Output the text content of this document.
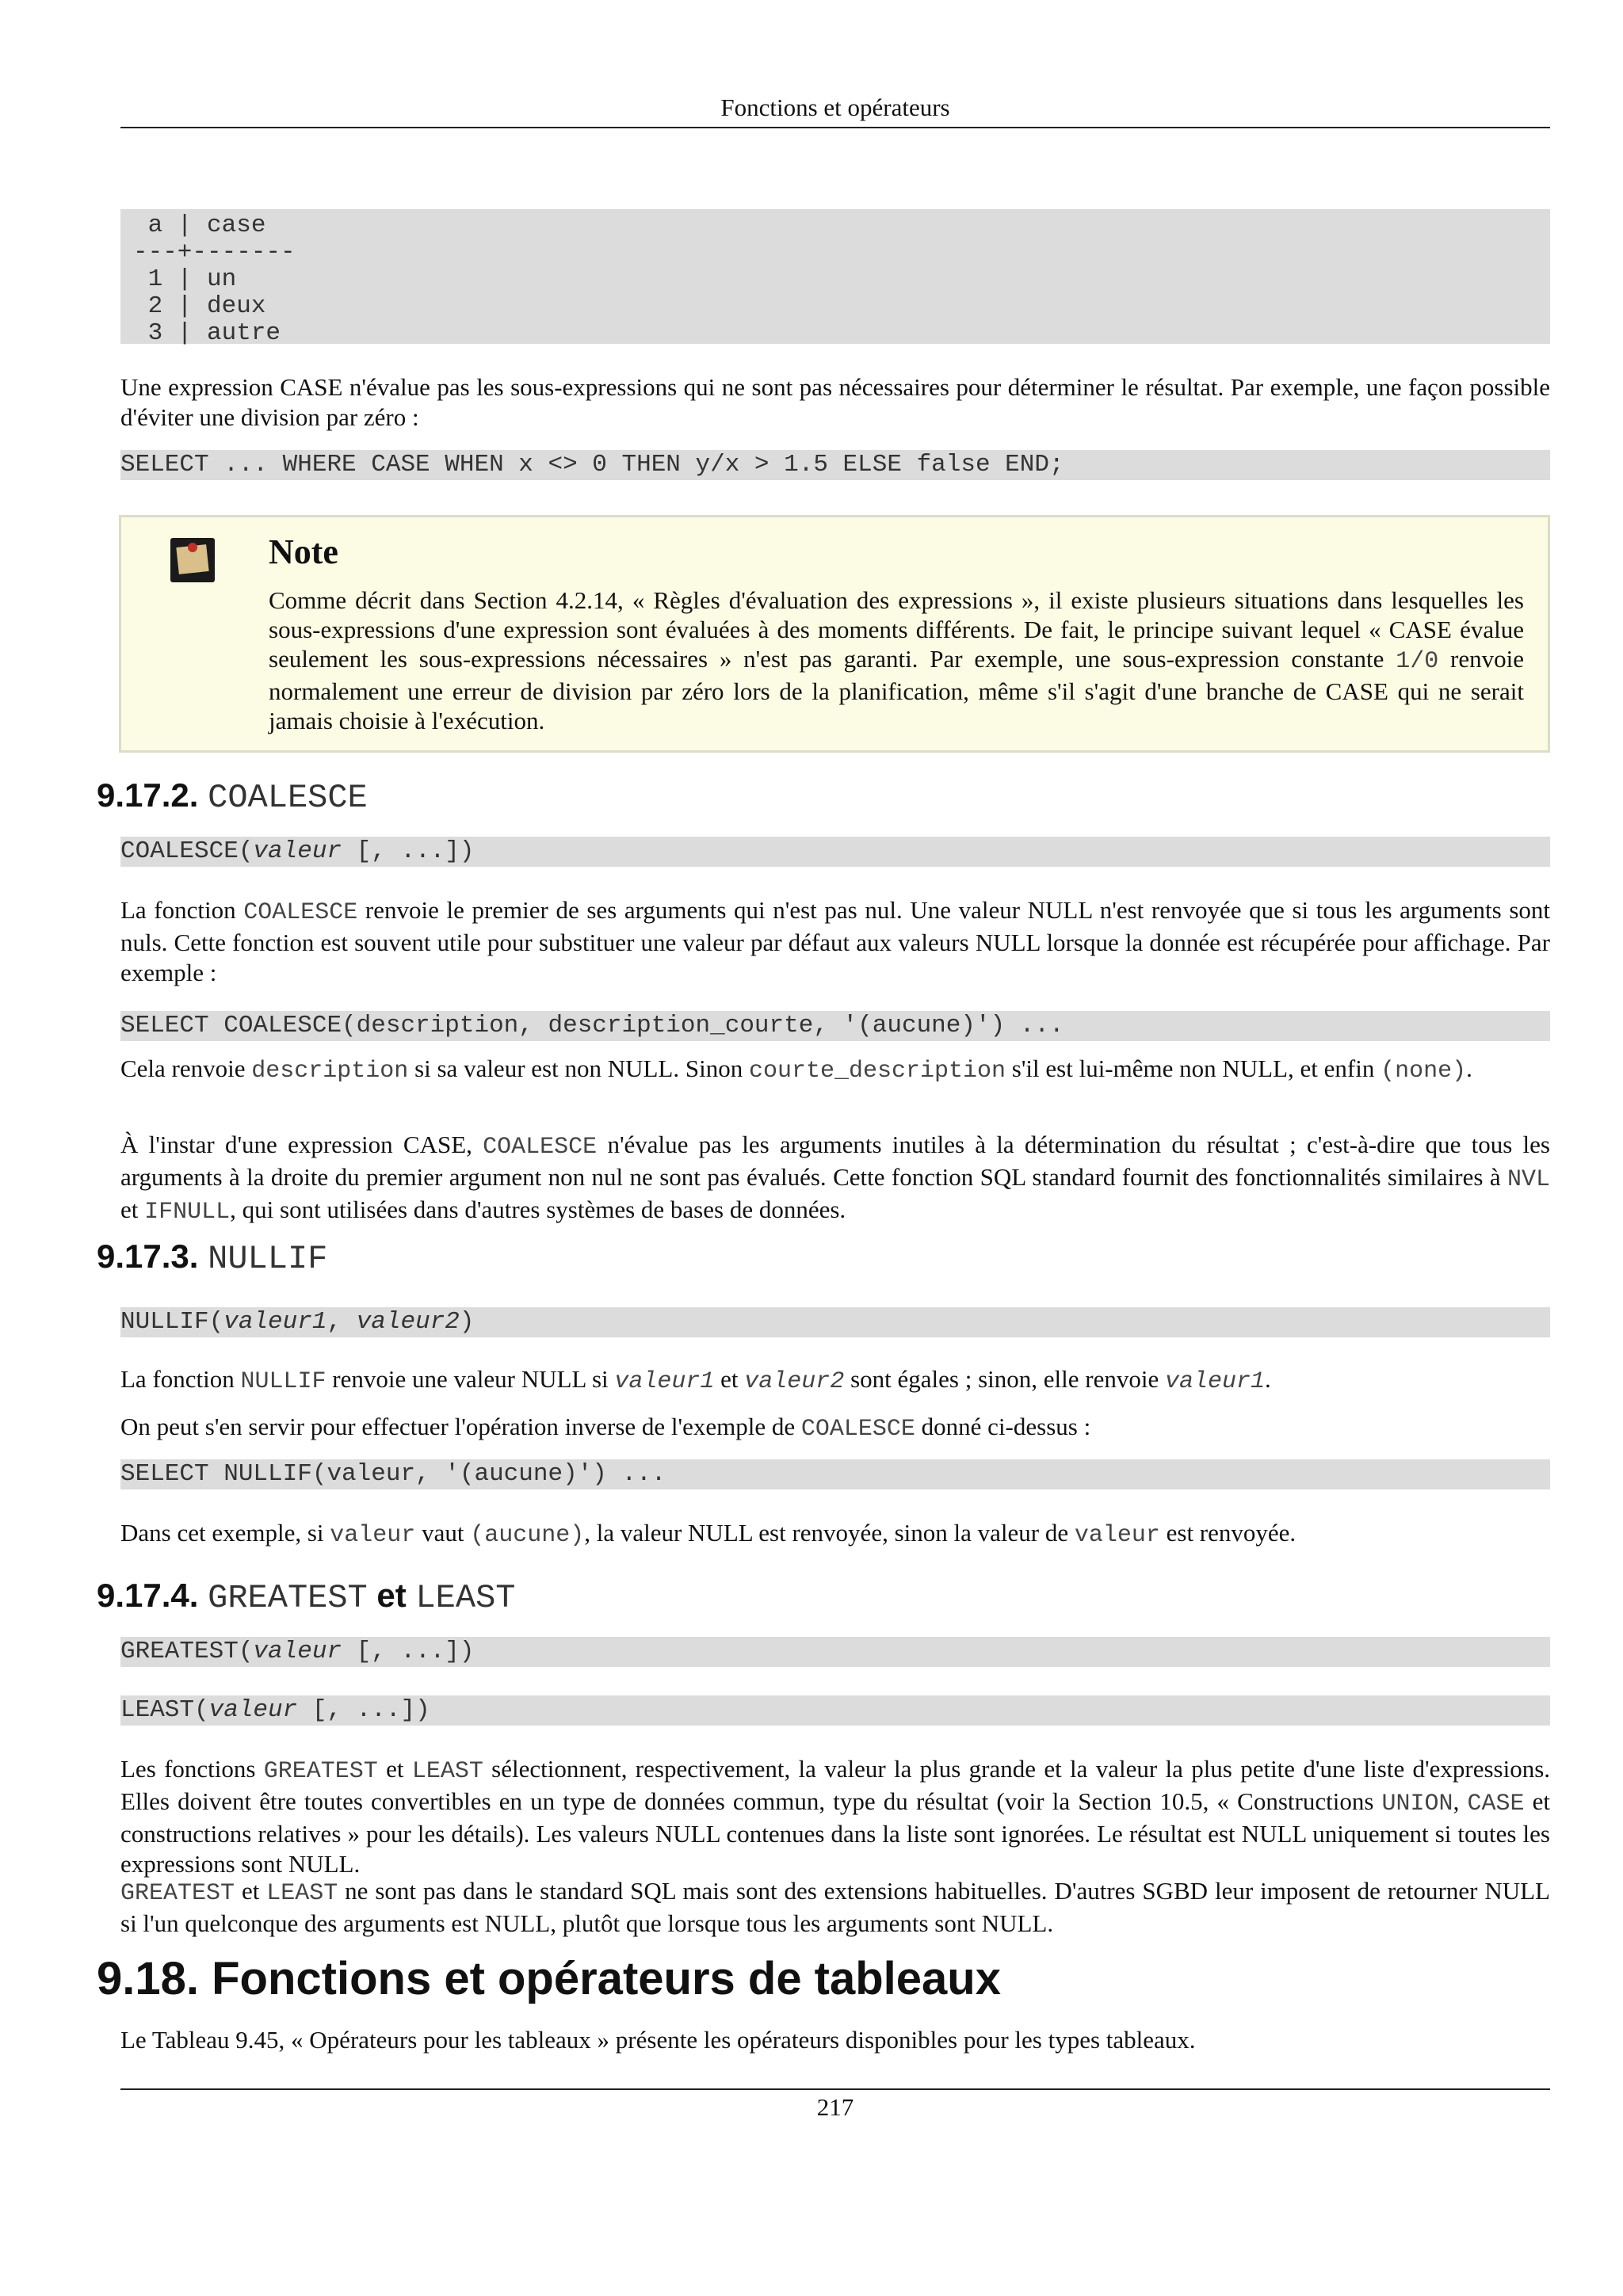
Fonctions et opérateurs
a | case
---+-------
1 | un
2 | deux
3 | autre
Une expression CASE n'évalue pas les sous-expressions qui ne sont pas nécessaires pour déterminer le résultat. Par exemple, une façon possible d'éviter une division par zéro :
SELECT ... WHERE CASE WHEN x <> 0 THEN y/x > 1.5 ELSE false END;
Note
Comme décrit dans Section 4.2.14, « Règles d'évaluation des expressions », il existe plusieurs situations dans lesquelles les sous-expressions d'une expression sont évaluées à des moments différents. De fait, le principe suivant lequel « CASE évalue seulement les sous-expressions nécessaires » n'est pas garanti. Par exemple, une sous-expression constante 1/0 renvoie normalement une erreur de division par zéro lors de la planification, même s'il s'agit d'une branche de CASE qui ne serait jamais choisie à l'exécution.
9.17.2. COALESCE
COALESCE(valeur [, ...])
La fonction COALESCE renvoie le premier de ses arguments qui n'est pas nul. Une valeur NULL n'est renvoyée que si tous les arguments sont nuls. Cette fonction est souvent utile pour substituer une valeur par défaut aux valeurs NULL lorsque la donnée est récupérée pour affichage. Par exemple :
SELECT COALESCE(description, description_courte, '(aucune)') ...
Cela renvoie description si sa valeur est non NULL. Sinon courte_description s'il est lui-même non NULL, et enfin (none).
À l'instar d'une expression CASE, COALESCE n'évalue pas les arguments inutiles à la détermination du résultat ; c'est-à-dire que tous les arguments à la droite du premier argument non nul ne sont pas évalués. Cette fonction SQL standard fournit des fonctionnalités similaires à NVL et IFNULL, qui sont utilisées dans d'autres systèmes de bases de données.
9.17.3. NULLIF
NULLIF(valeur1, valeur2)
La fonction NULLIF renvoie une valeur NULL si valeur1 et valeur2 sont égales ; sinon, elle renvoie valeur1.
On peut s'en servir pour effectuer l'opération inverse de l'exemple de COALESCE donné ci-dessus :
SELECT NULLIF(valeur, '(aucune)') ...
Dans cet exemple, si valeur vaut (aucune), la valeur NULL est renvoyée, sinon la valeur de valeur est renvoyée.
9.17.4. GREATEST et LEAST
GREATEST(valeur [, ...])
LEAST(valeur [, ...])
Les fonctions GREATEST et LEAST sélectionnent, respectivement, la valeur la plus grande et la valeur la plus petite d'une liste d'expressions. Elles doivent être toutes convertibles en un type de données commun, type du résultat (voir la Section 10.5, « Constructions UNION, CASE et constructions relatives » pour les détails). Les valeurs NULL contenues dans la liste sont ignorées. Le résultat est NULL uniquement si toutes les expressions sont NULL.
GREATEST et LEAST ne sont pas dans le standard SQL mais sont des extensions habituelles. D'autres SGBD leur imposent de retourner NULL si l'un quelconque des arguments est NULL, plutôt que lorsque tous les arguments sont NULL.
9.18. Fonctions et opérateurs de tableaux
Le Tableau 9.45, « Opérateurs pour les tableaux » présente les opérateurs disponibles pour les types tableaux.
217
